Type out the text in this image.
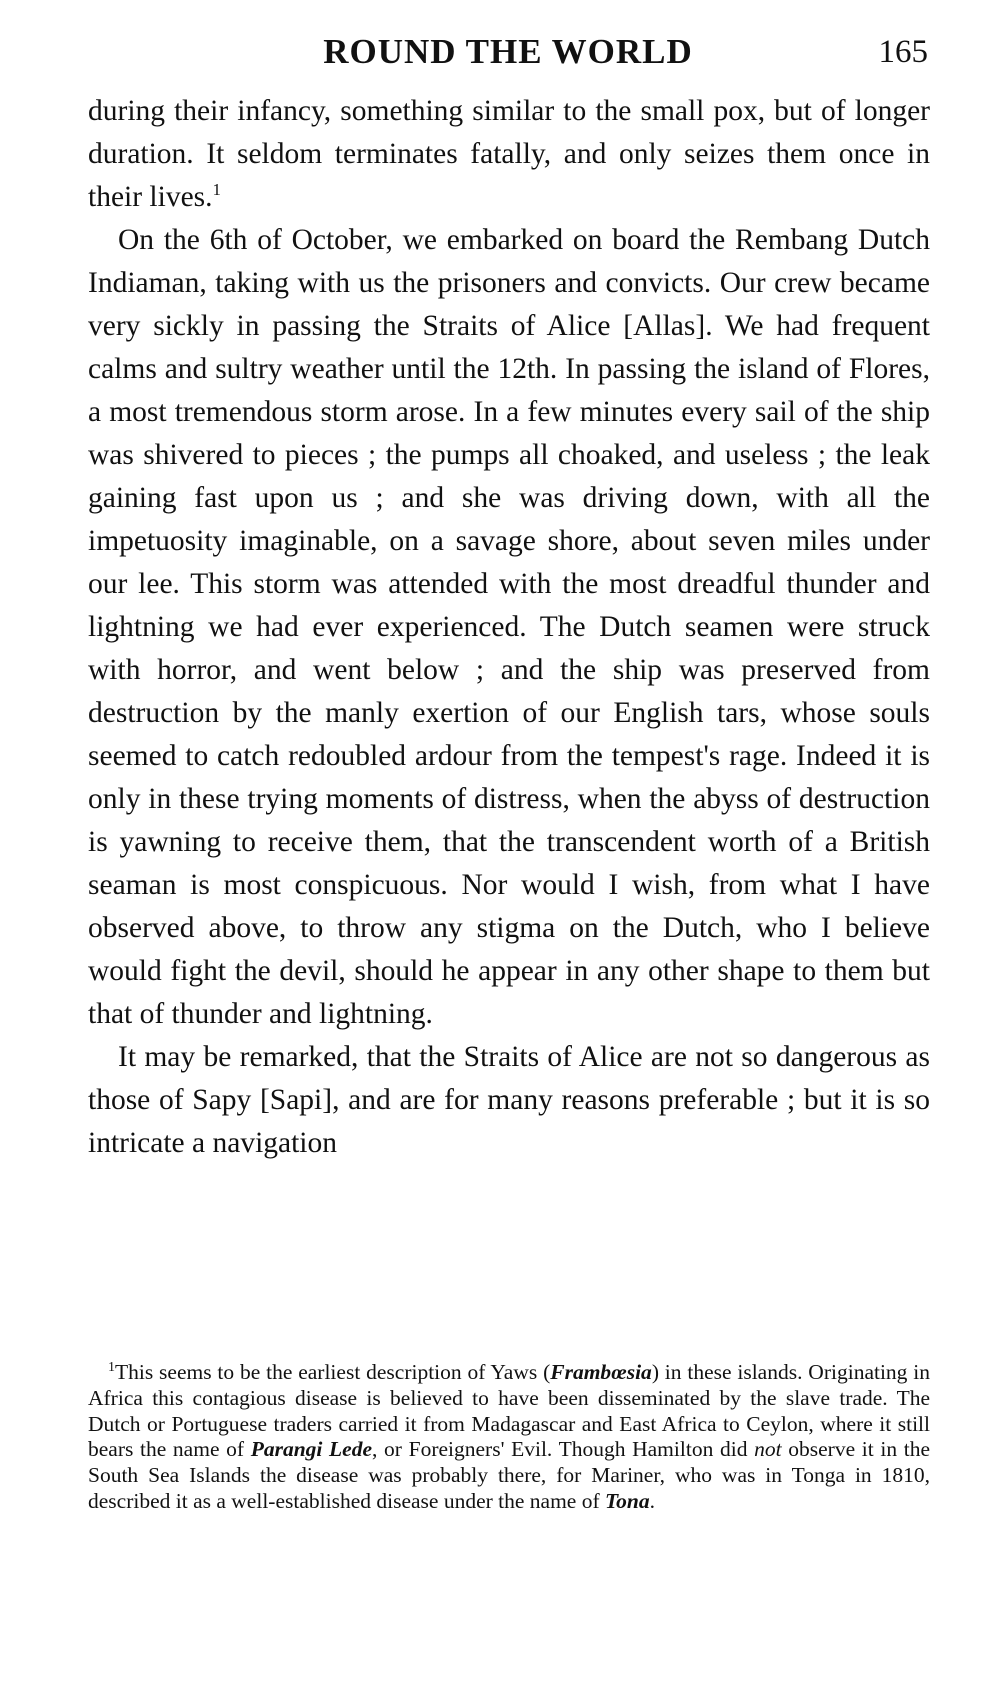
ROUND THE WORLD	165

during their infancy, something similar to the small pox, but of longer duration. It seldom terminates fatally, and only seizes them once in their lives.$^1$

On the 6th of October, we embarked on board the Rembang Dutch Indiaman, taking with us the prisoners and convicts. Our crew became very sickly in passing the Straits of Alice [Allas]. We had frequent calms and sultry weather until the 12th. In passing the island of Flores, a most tremendous storm arose. In a few minutes every sail of the ship was shivered to pieces ; the pumps all choaked, and useless ; the leak gaining fast upon us ; and she was driving down, with all the impetuosity imaginable, on a savage shore, about seven miles under our lee. This storm was attended with the most dreadful thunder and lightning we had ever experienced. The Dutch seamen were struck with horror, and went below ; and the ship was preserved from destruction by the manly exertion of our English tars, whose souls seemed to catch redoubled ardour from the tempest's rage. Indeed it is only in these trying moments of distress, when the abyss of destruction is yawning to receive them, that the transcendent worth of a British seaman is most conspicuous. Nor would I wish, from what I have observed above, to throw any stigma on the Dutch, who I believe would fight the devil, should he appear in any other shape to them but that of thunder and lightning.

It may be remarked, that the Straits of Alice are not so dangerous as those of Sapy [Sapi], and are for many reasons preferable ; but it is so intricate a navigation

$^1$This seems to be the earliest description of Yaws (Frambœsia) in these islands. Originating in Africa this contagious disease is believed to have been disseminated by the slave trade. The Dutch or Portuguese traders carried it from Madagascar and East Africa to Ceylon, where it still bears the name of Parangi Lede, or Foreigners' Evil. Though Hamilton did not observe it in the South Sea Islands the disease was probably there, for Mariner, who was in Tonga in 1810, described it as a well-established disease under the name of Tona.
